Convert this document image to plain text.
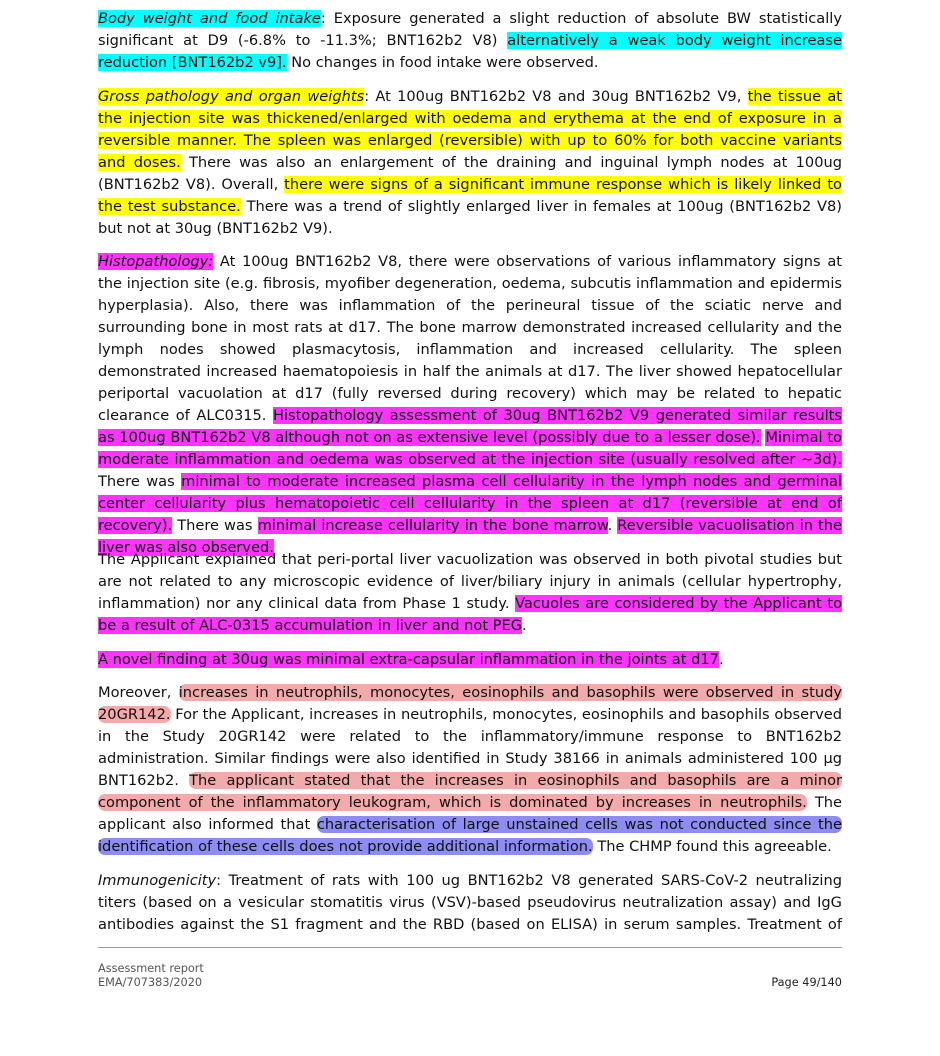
Body weight and food intake: Exposure generated a slight reduction of absolute BW statistically significant at D9 (-6.8% to -11.3%; BNT162b2 V8) alternatively a weak body weight increase reduction [BNT162b2 v9]. No changes in food intake were observed.

Gross pathology and organ weights: At 100ug BNT162b2 V8 and 30ug BNT162b2 V9, the tissue at the injection site was thickened/enlarged with oedema and erythema at the end of exposure in a reversible manner. The spleen was enlarged (reversible) with up to 60% for both vaccine variants and doses. There was also an enlargement of the draining and inguinal lymph nodes at 100ug (BNT162b2 V8). Overall, there were signs of a significant immune response which is likely linked to the test substance. There was a trend of slightly enlarged liver in females at 100ug (BNT162b2 V8) but not at 30ug (BNT162b2 V9).

Histopathology: At 100ug BNT162b2 V8, there were observations of various inflammatory signs at the injection site (e.g. fibrosis, myofiber degeneration, oedema, subcutis inflammation and epidermis hyperplasia). Also, there was inflammation of the perineural tissue of the sciatic nerve and surrounding bone in most rats at d17. The bone marrow demonstrated increased cellularity and the lymph nodes showed plasmacytosis, inflammation and increased cellularity. The spleen demonstrated increased haematopoiesis in half the animals at d17. The liver showed hepatocellular periportal vacuolation at d17 (fully reversed during recovery) which may be related to hepatic clearance of ALC0315. Histopathology assessment of 30ug BNT162b2 V9 generated similar results as 100ug BNT162b2 V8 although not on as extensive level (possibly due to a lesser dose). Minimal to moderate inflammation and oedema was observed at the injection site (usually resolved after ~3d). There was minimal to moderate increased plasma cell cellularity in the lymph nodes and germinal center cellularity plus hematopoietic cell cellularity in the spleen at d17 (reversible at end of recovery). There was minimal increase cellularity in the bone marrow. Reversible vacuolisation in the liver was also observed.

The Applicant explained that peri-portal liver vacuolization was observed in both pivotal studies but are not related to any microscopic evidence of liver/biliary injury in animals (cellular hypertrophy, inflammation) nor any clinical data from Phase 1 study. Vacuoles are considered by the Applicant to be a result of ALC-0315 accumulation in liver and not PEG.

A novel finding at 30ug was minimal extra-capsular inflammation in the joints at d17.

Moreover, increases in neutrophils, monocytes, eosinophils and basophils were observed in study 20GR142. For the Applicant, increases in neutrophils, monocytes, eosinophils and basophils observed in the Study 20GR142 were related to the inflammatory/immune response to BNT162b2 administration. Similar findings were also identified in Study 38166 in animals administered 100 µg BNT162b2. The applicant stated that the increases in eosinophils and basophils are a minor component of the inflammatory leukogram, which is dominated by increases in neutrophils. The applicant also informed that characterisation of large unstained cells was not conducted since the identification of these cells does not provide additional information. The CHMP found this agreeable.

Immunogenicity: Treatment of rats with 100 ug BNT162b2 V8 generated SARS-CoV-2 neutralizing titers (based on a vesicular stomatitis virus (VSV)-based pseudovirus neutralization assay) and IgG antibodies against the S1 fragment and the RBD (based on ELISA) in serum samples. Treatment of

Assessment report
EMA/707383/2020	Page 49/140
